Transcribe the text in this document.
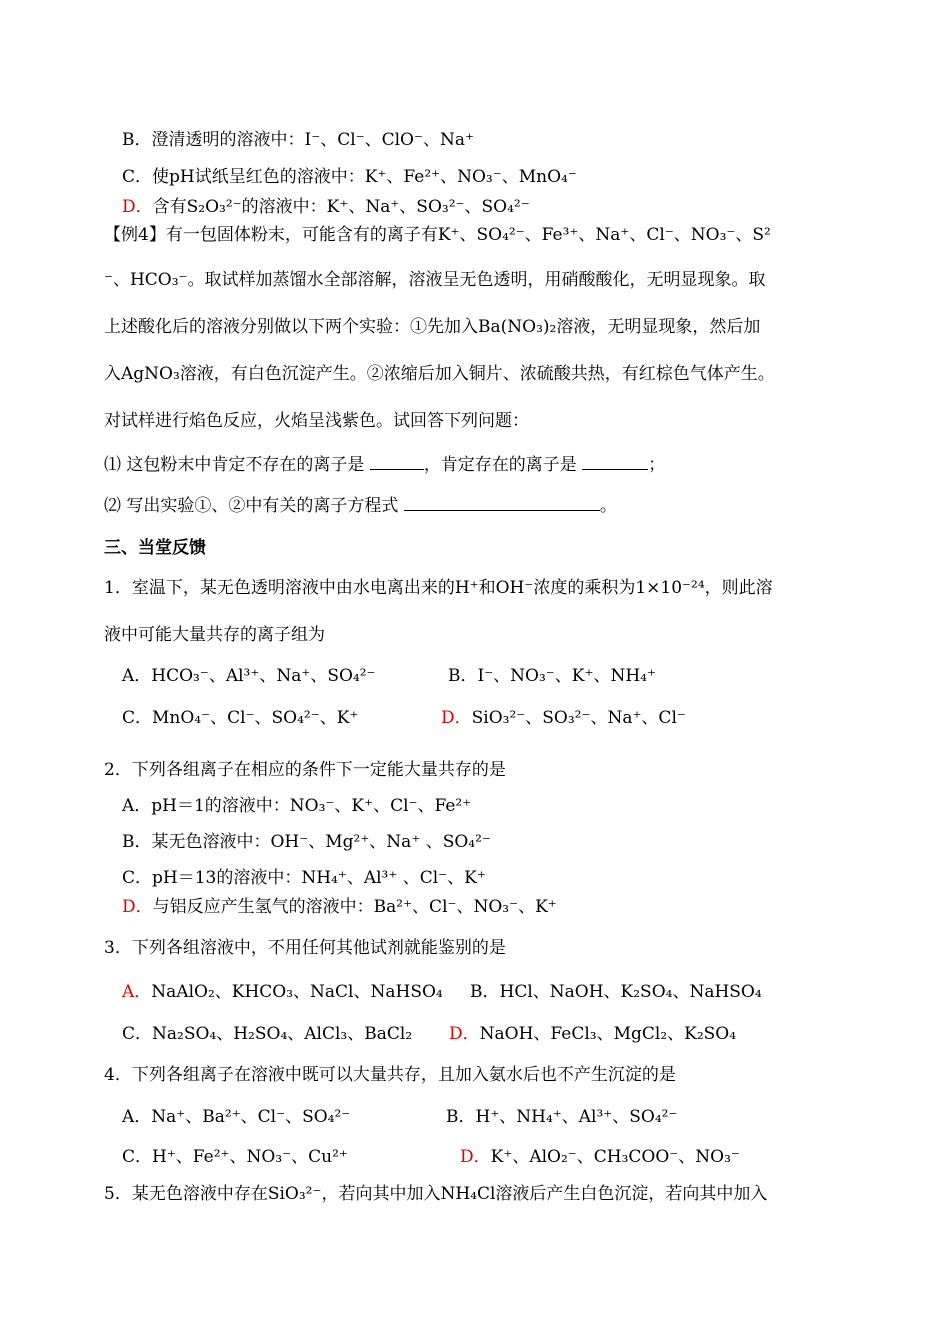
B．澄清透明的溶液中：I⁻、Cl⁻、ClO⁻、Na⁺
C．使pH试纸呈红色的溶液中：K⁺、Fe²⁺、NO₃⁻、MnO₄⁻
D．含有S₂O₃²⁻的溶液中：K⁺、Na⁺、SO₃²⁻、SO₄²⁻
【例4】有一包固体粉末，可能含有的离子有K⁺、SO₄²⁻、Fe³⁺、Na⁺、Cl⁻、NO₃⁻、S²
⁻、HCO₃⁻。取试样加蒸馏水全部溶解，溶液呈无色透明，用硝酸酸化，无明显现象。取
上述酸化后的溶液分别做以下两个实验：①先加入Ba(NO₃)₂溶液，无明显现象，然后加
入AgNO₃溶液，有白色沉淀产生。②浓缩后加入铜片、浓硫酸共热，有红棕色气体产生。
对试样进行焰色反应，火焰呈浅紫色。试回答下列问题：
⑴ 这包粉末中肯定不存在的离子是	，肯定存在的离子是	；
⑵ 写出实验①、②中有关的离子方程式	。
三、当堂反馈
1．室温下，某无色透明溶液中由水电离出来的H⁺和OH⁻浓度的乘积为1×10⁻²⁴，则此溶
液中可能大量共存的离子组为
A．HCO₃⁻、Al³⁺、Na⁺、SO₄²⁻	B．I⁻、NO₃⁻、K⁺、NH₄⁺
C．MnO₄⁻、Cl⁻、SO₄²⁻、K⁺	D．SiO₃²⁻、SO₃²⁻、Na⁺、Cl⁻
2．下列各组离子在相应的条件下一定能大量共存的是
A．pH＝1的溶液中：NO₃⁻、K⁺、Cl⁻、Fe²⁺
B．某无色溶液中：OH⁻、Mg²⁺、Na⁺ 、SO₄²⁻
C．pH＝13的溶液中：NH₄⁺、Al³⁺ 、Cl⁻、K⁺
D．与铝反应产生氢气的溶液中：Ba²⁺、Cl⁻、NO₃⁻、K⁺
3．下列各组溶液中，不用任何其他试剂就能鉴别的是
A．NaAlO₂、KHCO₃、NaCl、NaHSO₄ B．HCl、NaOH、K₂SO₄、NaHSO₄
C．Na₂SO₄、H₂SO₄、AlCl₃、BaCl₂ D．NaOH、FeCl₃、MgCl₂、K₂SO₄
4．下列各组离子在溶液中既可以大量共存，且加入氨水后也不产生沉淀的是
A．Na⁺、Ba²⁺、Cl⁻、SO₄²⁻	B．H⁺、NH₄⁺、Al³⁺、SO₄²⁻
C．H⁺、Fe²⁺、NO₃⁻、Cu²⁺	D．K⁺、AlO₂⁻、CH₃COO⁻、NO₃⁻
5．某无色溶液中存在SiO₃²⁻，若向其中加入NH₄Cl溶液后产生白色沉淀，若向其中加入
